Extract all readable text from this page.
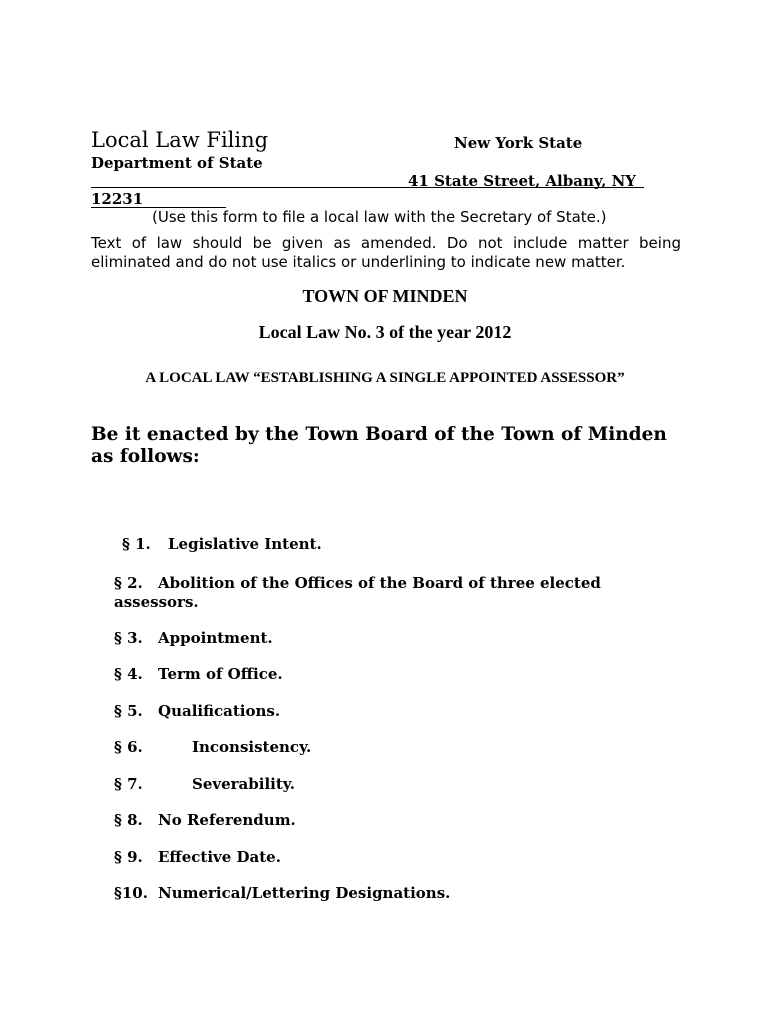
Local Law Filing	New York State
Department of State
41 State Street, Albany, NY
12231
(Use this form to file a local law with the Secretary of State.)
Text of law should be given as amended. Do not include matter being
eliminated and do not use italics or underlining to indicate new matter.
TOWN OF MINDEN
Local Law No. 3 of the year 2012
A LOCAL LAW “ESTABLISHING A SINGLE APPOINTED ASSESSOR”
Be it enacted by the Town Board of the Town of Minden as follows:
§ 1. Legislative Intent.
§ 2. Abolition of the Offices of the Board of three elected assessors.
§ 3. Appointment.
§ 4. Term of Office.
§ 5. Qualifications.
§ 6.	Inconsistency.
§ 7.	Severability.
§ 8. No Referendum.
§ 9. Effective Date.
§10. Numerical/Lettering Designations.
